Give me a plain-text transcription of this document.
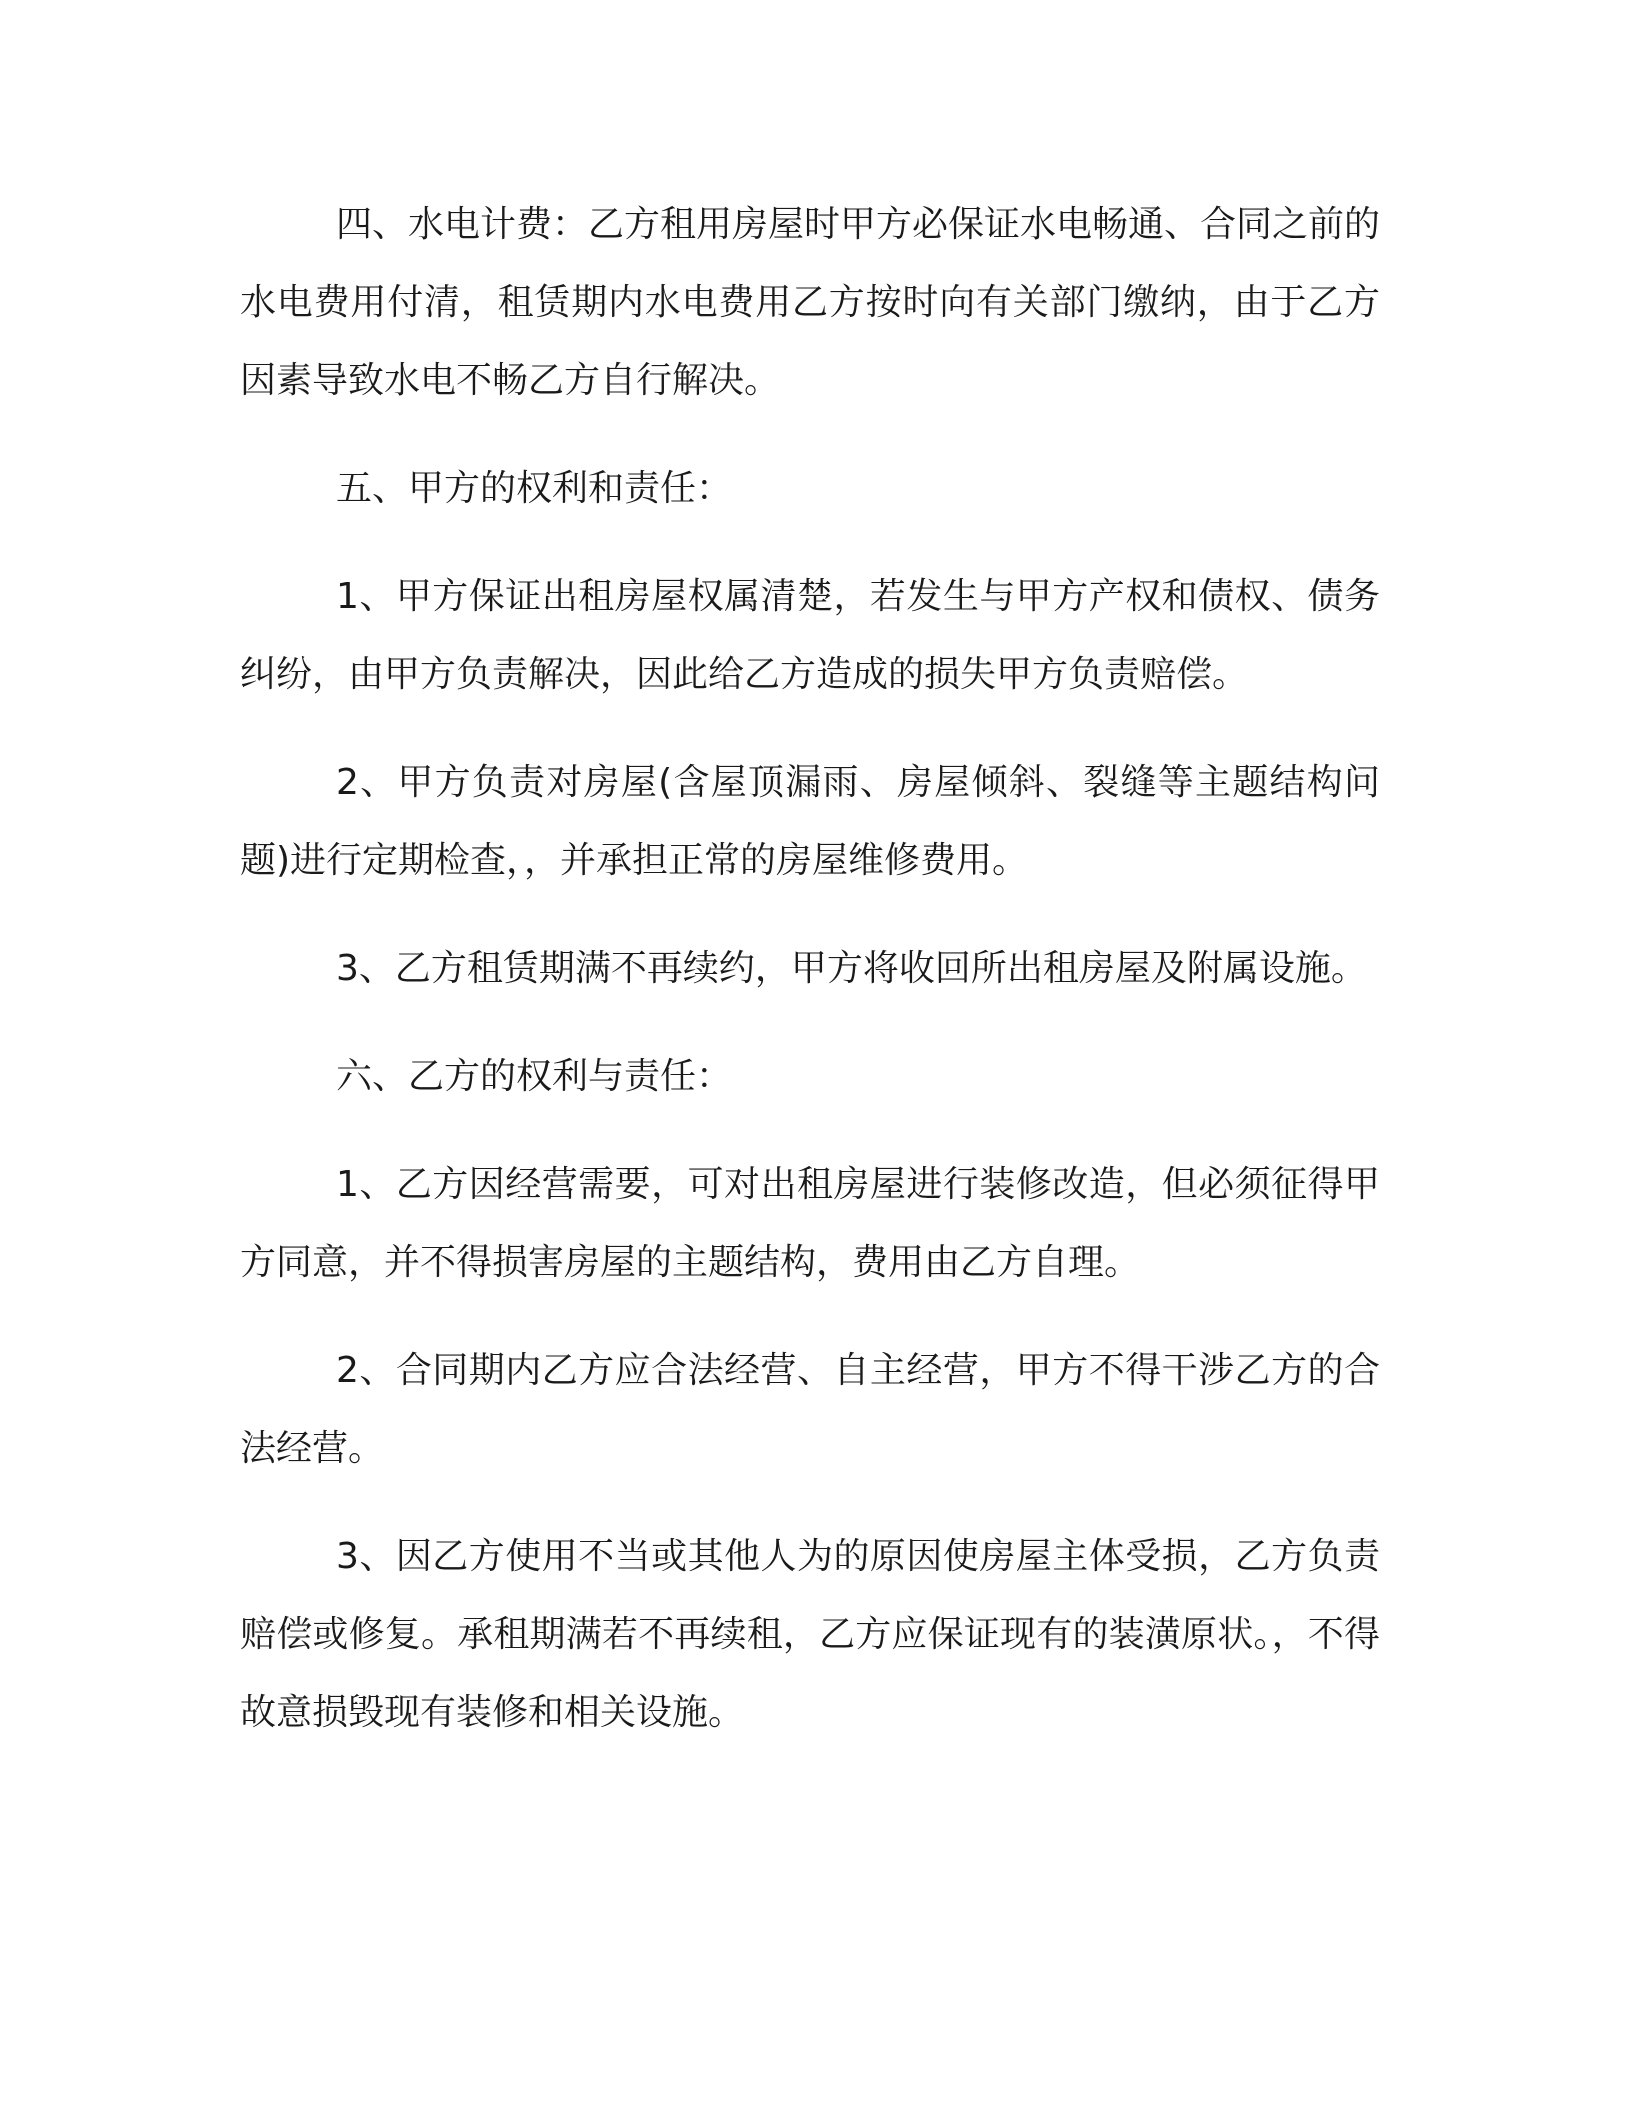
四、水电计费：乙方租用房屋时甲方必保证水电畅通、合同之前的水电费用付清，租赁期内水电费用乙方按时向有关部门缴纳，由于乙方因素导致水电不畅乙方自行解决。

五、甲方的权利和责任：

1、甲方保证出租房屋权属清楚，若发生与甲方产权和债权、债务纠纷，由甲方负责解决，因此给乙方造成的损失甲方负责赔偿。

2、甲方负责对房屋(含屋顶漏雨、房屋倾斜、裂缝等主题结构问题)进行定期检查，，并承担正常的房屋维修费用。

3、乙方租赁期满不再续约，甲方将收回所出租房屋及附属设施。

六、乙方的权利与责任：

1、乙方因经营需要，可对出租房屋进行装修改造，但必须征得甲方同意，并不得损害房屋的主题结构，费用由乙方自理。

2、合同期内乙方应合法经营、自主经营，甲方不得干涉乙方的合法经营。

3、因乙方使用不当或其他人为的原因使房屋主体受损，乙方负责赔偿或修复。承租期满若不再续租，乙方应保证现有的装潢原状。，不得故意损毁现有装修和相关设施。
